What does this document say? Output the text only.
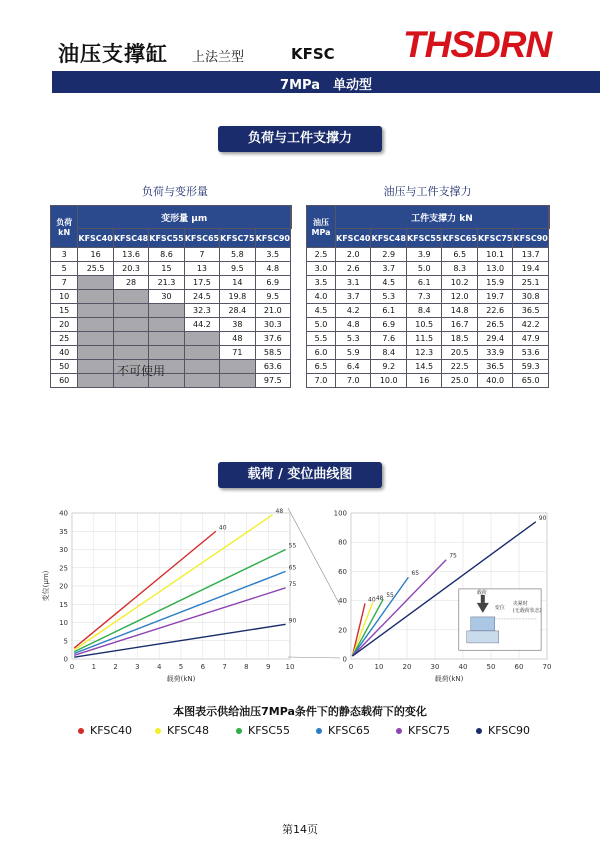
油压支撑缸 上法兰型	KFSC THSDRN
7MPa　单动型
负荷与工件支撑力
负荷与变形量	油压与工件支撑力
负荷
kN	变形量 μm						
	KFSC40	KFSC48	KFSC55	KFSC65	KFSC75	KFSC90	
3	16	13.6	8.6	7	5.8	3.5	
5	25.5	20.3	15	13	9.5	4.8	
7		28	21.3	17.5	14	6.9	
10			30	24.5	19.8	9.5	
15				32.3	28.4	21.0	
20				44.2	38	30.3	
25					48	37.6	
40					71	58.5	
50						63.6	
60						97.5	
不可使用
油压
MPa	工件支撑力 kN						
	KFSC40	KFSC48	KFSC55	KFSC65	KFSC75	KFSC90	
2.5	2.0	2.9	3.9	6.5	10.1	13.7	
3.0	2.6	3.7	5.0	8.3	13.0	19.4	
3.5	3.1	4.5	6.1	10.2	15.9	25.1	
4.0	3.7	5.3	7.3	12.0	19.7	30.8	
4.5	4.2	6.1	8.4	14.8	22.6	36.5	
5.0	4.8	6.9	10.5	16.7	26.5	42.2	
5.5	5.3	7.6	11.5	18.5	29.4	47.9	
6.0	5.9	8.4	12.3	20.5	33.9	53.6	
6.5	6.4	9.2	14.5	22.5	36.5	59.3	
7.0	7.0	10.0	16	25.0	40.0	65.0	
载荷 / 变位曲线图
0 1 2 3 4 5 6 7 8 9 10
0
5
10
15
20
25
30
35
40
40
48
55
65
75
90
载荷(kN)
变位(μm)
0	10	20	30	40	50	60	70
0
20
40
60
80
100
40 48 55
65
75
90
载荷(kN)
载荷
变位
夹紧时
(无载荷状态)
本图表示供给油压7MPa条件下的静态载荷下的变化
KFSC40	KFSC48	KFSC55	KFSC65	KFSC75	KFSC90
第14页
